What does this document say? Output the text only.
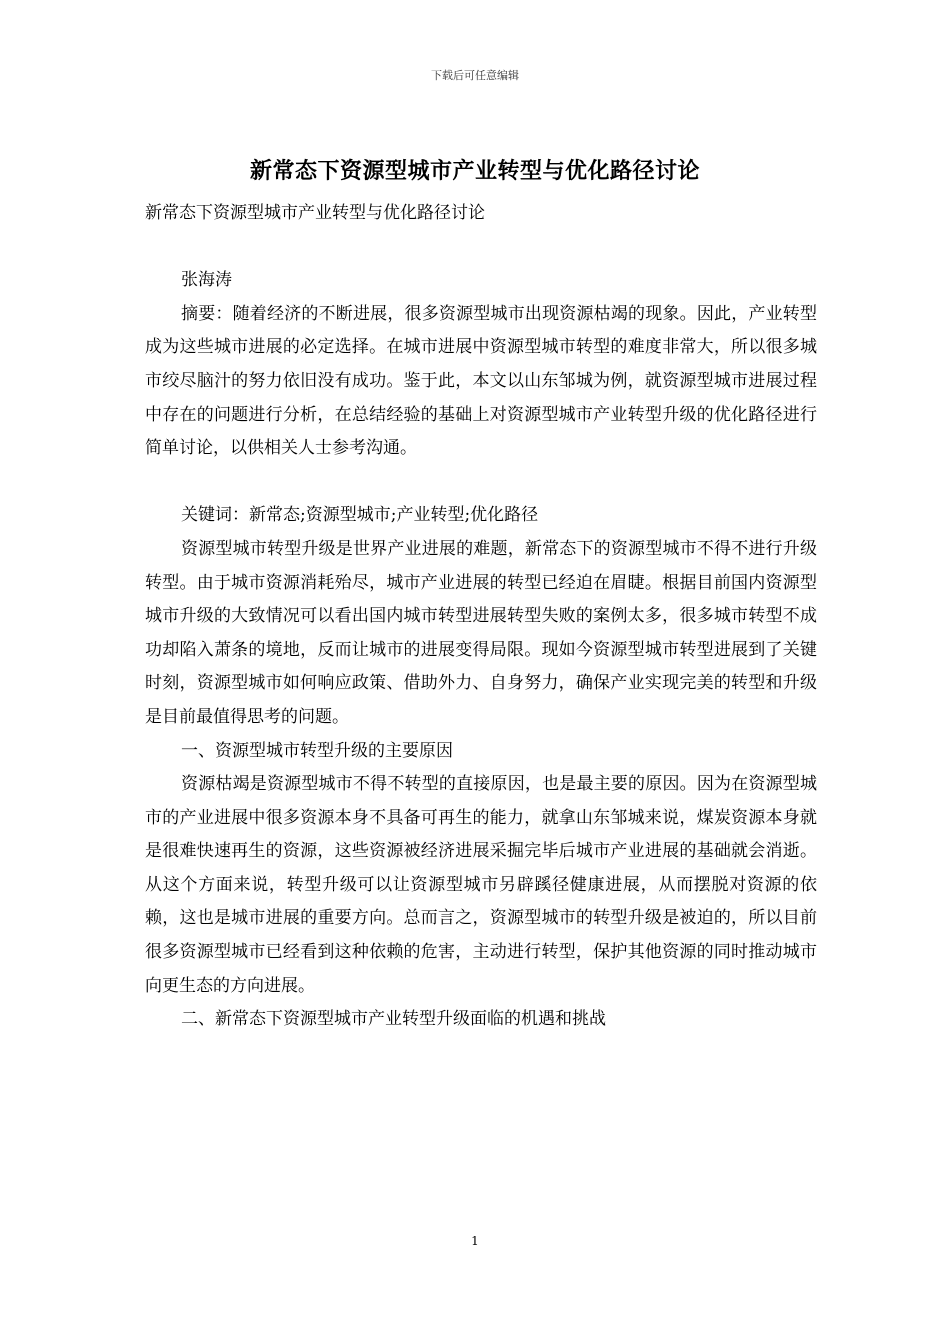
下载后可任意编辑
新常态下资源型城市产业转型与优化路径讨论

新常态下资源型城市产业转型与优化路径讨论

张海涛

摘要：随着经济的不断进展，很多资源型城市出现资源枯竭的现象。因此，产业转型成为这些城市进展的必定选择。在城市进展中资源型城市转型的难度非常大，所以很多城市绞尽脑汁的努力依旧没有成功。鉴于此，本文以山东邹城为例，就资源型城市进展过程中存在的问题进行分析，在总结经验的基础上对资源型城市产业转型升级的优化路径进行简单讨论，以供相关人士参考沟通。

关键词：新常态;资源型城市;产业转型;优化路径

资源型城市转型升级是世界产业进展的难题，新常态下的资源型城市不得不进行升级转型。由于城市资源消耗殆尽，城市产业进展的转型已经迫在眉睫。根据目前国内资源型城市升级的大致情况可以看出国内城市转型进展转型失败的案例太多，很多城市转型不成功却陷入萧条的境地，反而让城市的进展变得局限。现如今资源型城市转型进展到了关键时刻，资源型城市如何响应政策、借助外力、自身努力，确保产业实现完美的转型和升级是目前最值得思考的问题。

一、资源型城市转型升级的主要原因

资源枯竭是资源型城市不得不转型的直接原因，也是最主要的原因。因为在资源型城市的产业进展中很多资源本身不具备可再生的能力，就拿山东邹城来说，煤炭资源本身就是很难快速再生的资源，这些资源被经济进展采掘完毕后城市产业进展的基础就会消逝。从这个方面来说，转型升级可以让资源型城市另辟蹊径健康进展，从而摆脱对资源的依赖，这也是城市进展的重要方向。总而言之，资源型城市的转型升级是被迫的，所以目前很多资源型城市已经看到这种依赖的危害，主动进行转型，保护其他资源的同时推动城市向更生态的方向进展。

二、新常态下资源型城市产业转型升级面临的机遇和挑战

1
